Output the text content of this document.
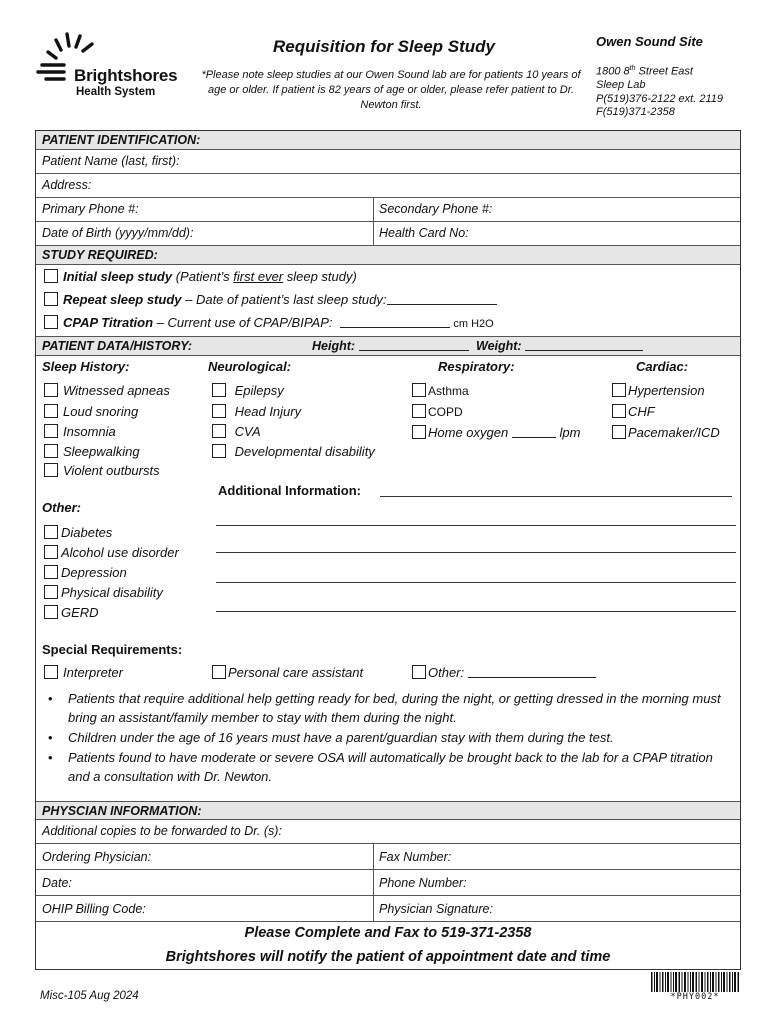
Brightshores
Health System
Requisition for Sleep Study
*Please note sleep studies at our Owen Sound lab are for patients 10 years of age or older. If patient is 82 years of age or older, please refer patient to Dr. Newton first.
Owen Sound Site
1800 8th Street East
Sleep Lab
P(519)376-2122 ext. 2119
F(519)371-2358
PATIENT IDENTIFICATION:
Patient Name (last, first):
Address:
Primary Phone #:	Secondary Phone #:
Date of Birth (yyyy/mm/dd):	Health Card No:
STUDY REQUIRED:
Initial sleep study (Patient’s first ever sleep study)
Repeat sleep study – Date of patient’s last sleep study:
CPAP Titration – Current use of CPAP/BIPAP:	cm H2O
PATIENT DATA/HISTORY:	Height:	Weight:
Sleep History:	Neurological:	Respiratory:	Cardiac:
Witnessed apneas
Loud snoring
Insomnia
Sleepwalking
Violent outbursts
Epilepsy
Head Injury
CVA
Developmental disability
Asthma
COPD
Home oxygen	lpm
Hypertension
CHF
Pacemaker/ICD
Additional Information:
Other:
Diabetes
Alcohol use disorder
Depression
Physical disability
GERD
Special Requirements:
Interpreter	Personal care assistant	Other:
• Patients that require additional help getting ready for bed, during the night, or getting dressed in the morning must bring an assistant/family member to stay with them during the night.
• Children under the age of 16 years must have a parent/guardian stay with them during the test.
• Patients found to have moderate or severe OSA will automatically be brought back to the lab for a CPAP titration and a consultation with Dr. Newton.
PHYSCIAN INFORMATION:
Additional copies to be forwarded to Dr. (s):
Ordering Physician:	Fax Number:
Date:	Phone Number:
OHIP Billing Code:	Physician Signature:
Please Complete and Fax to 519-371-2358
Brightshores will notify the patient of appointment date and time
Misc-105 Aug 2024	*PHY002*
